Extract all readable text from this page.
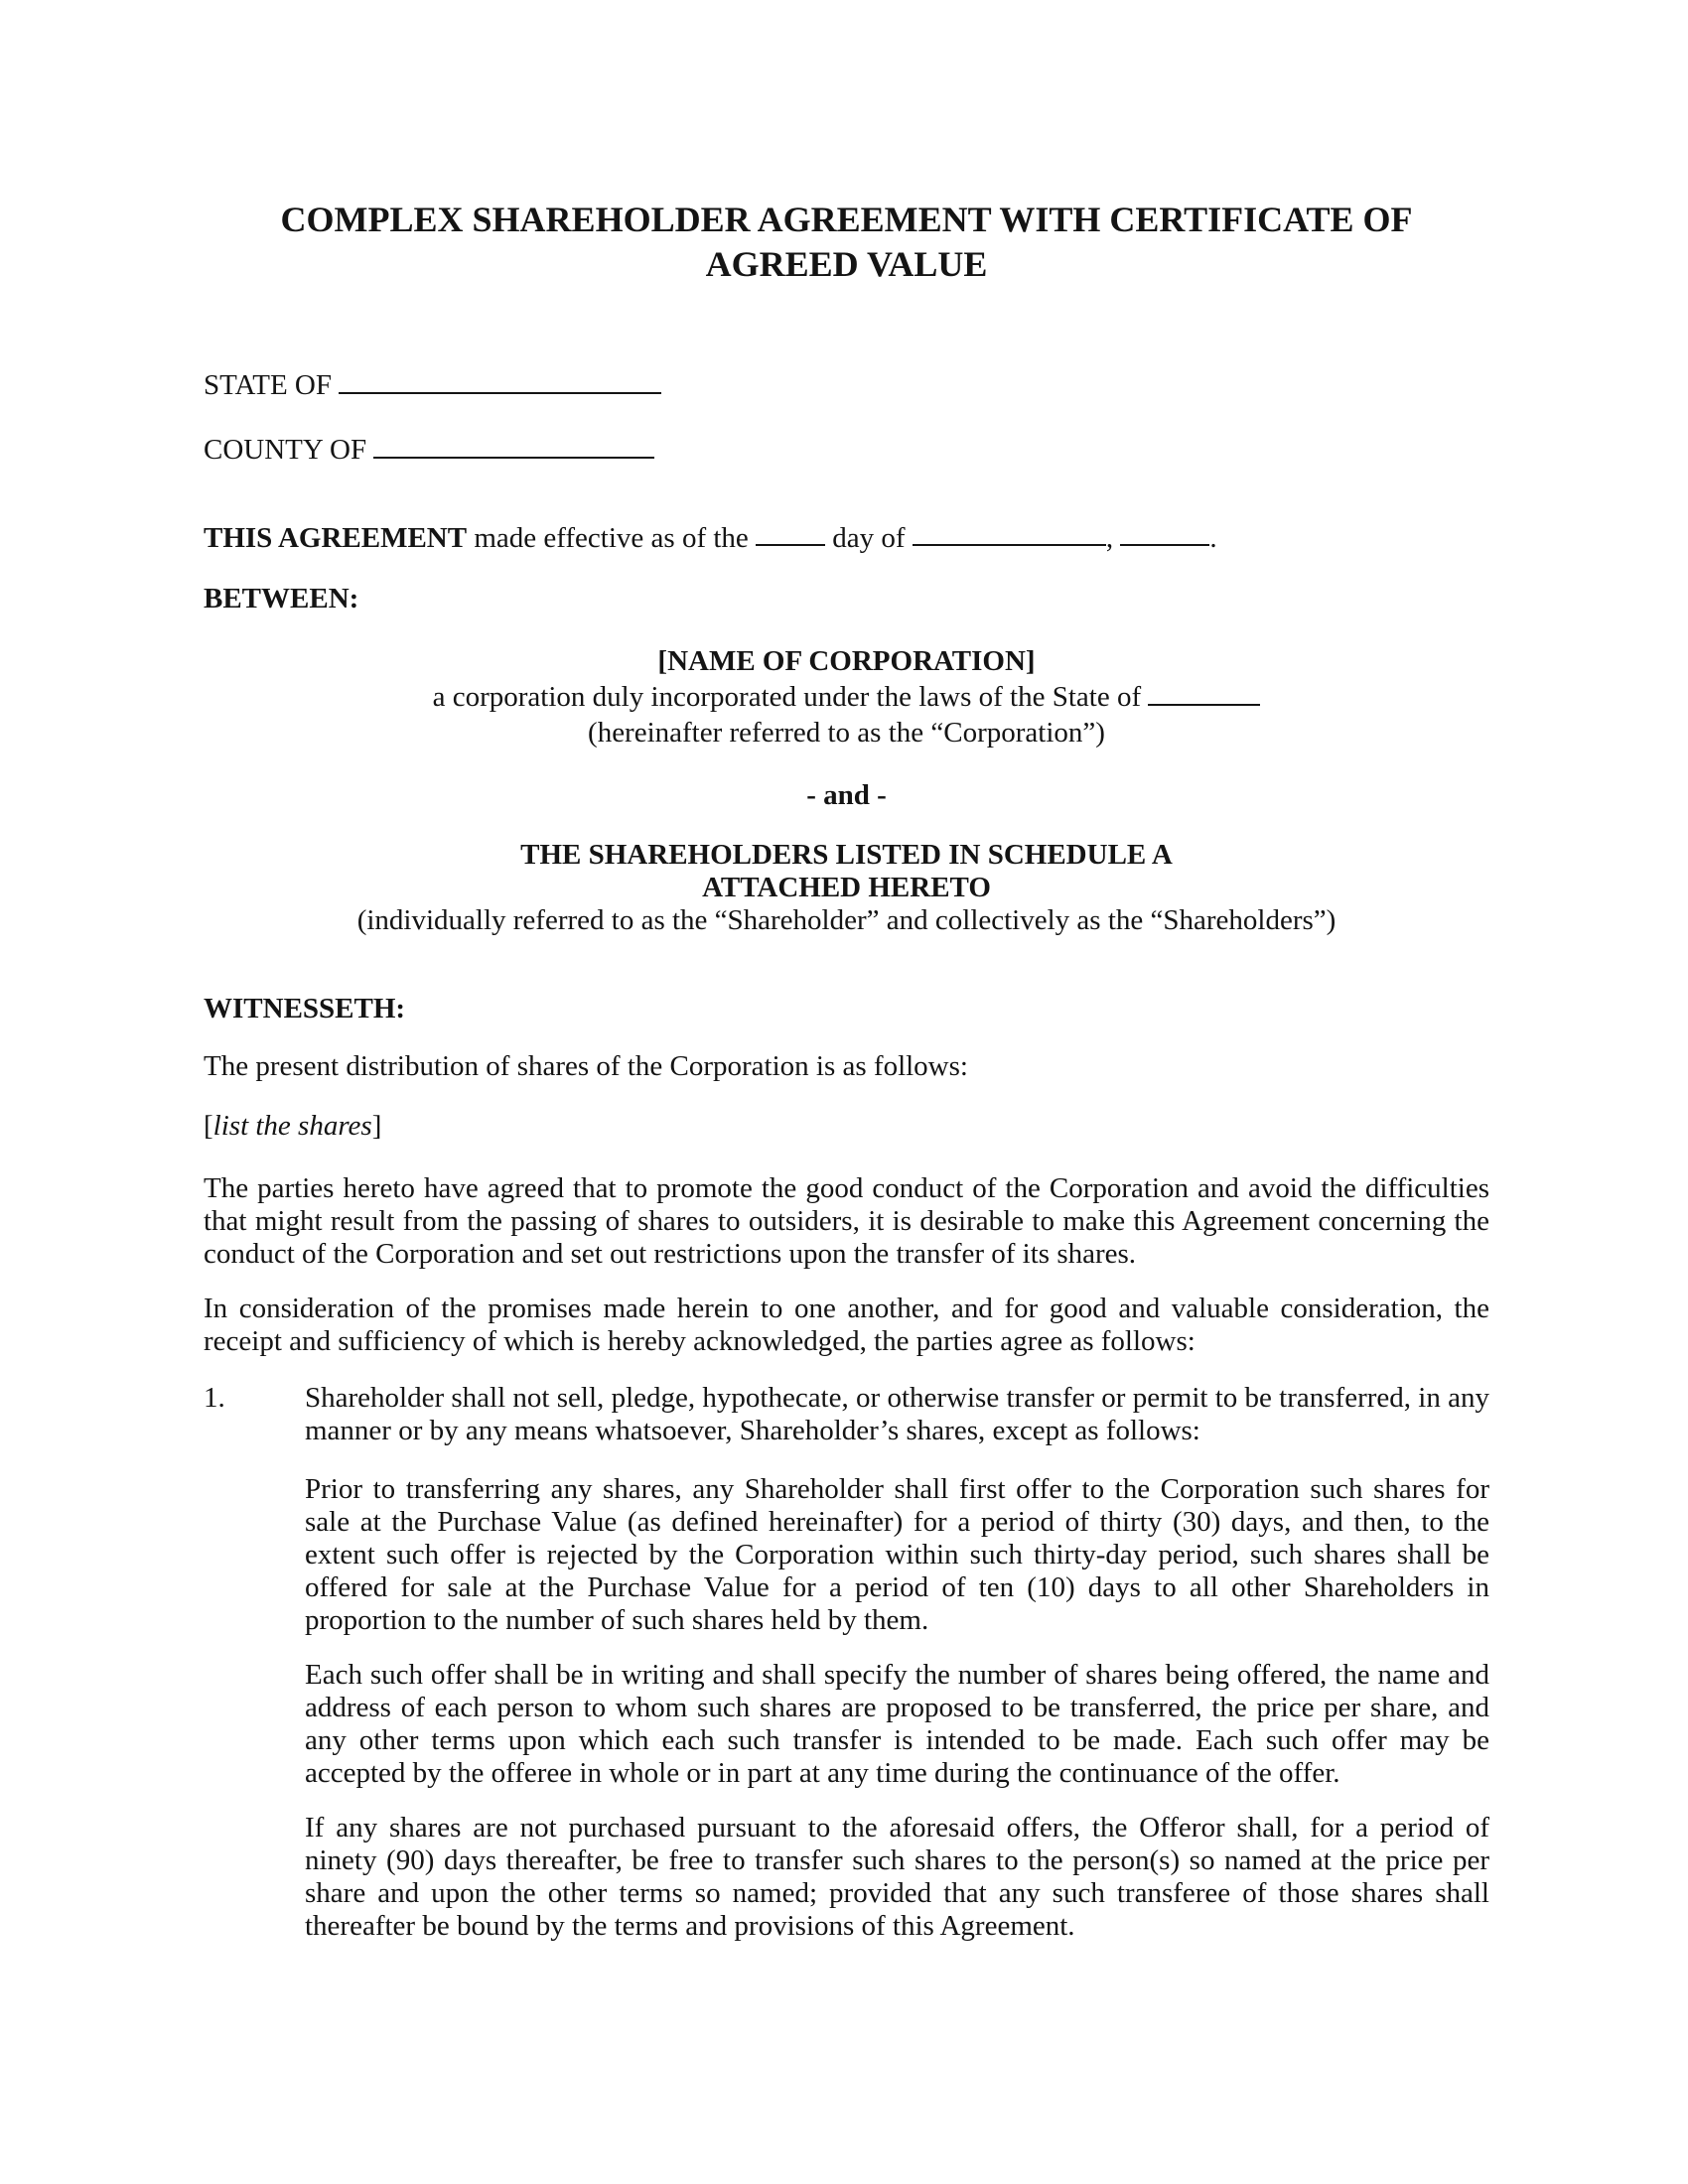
COMPLEX SHAREHOLDER AGREEMENT WITH CERTIFICATE OF
AGREED VALUE

STATE OF

COUNTY OF

THIS AGREEMENT made effective as of the	day of	,	.

BETWEEN:

[NAME OF CORPORATION]
a corporation duly incorporated under the laws of the State of
(hereinafter referred to as the “Corporation”)

- and -

THE SHAREHOLDERS LISTED IN SCHEDULE A
ATTACHED HERETO
(individually referred to as the “Shareholder” and collectively as the “Shareholders”)

WITNESSETH:

The present distribution of shares of the Corporation is as follows:

[list the shares]

The parties hereto have agreed that to promote the good conduct of the Corporation and avoid the difficulties that might result from the passing of shares to outsiders, it is desirable to make this Agreement concerning the conduct of the Corporation and set out restrictions upon the transfer of its shares.

In consideration of the promises made herein to one another, and for good and valuable consideration, the receipt and sufficiency of which is hereby acknowledged, the parties agree as follows:

1.	Shareholder shall not sell, pledge, hypothecate, or otherwise transfer or permit to be transferred, in any manner or by any means whatsoever, Shareholder’s shares, except as follows:

Prior to transferring any shares, any Shareholder shall first offer to the Corporation such shares for sale at the Purchase Value (as defined hereinafter) for a period of thirty (30) days, and then, to the extent such offer is rejected by the Corporation within such thirty-day period, such shares shall be offered for sale at the Purchase Value for a period of ten (10) days to all other Shareholders in proportion to the number of such shares held by them.

Each such offer shall be in writing and shall specify the number of shares being offered, the name and address of each person to whom such shares are proposed to be transferred, the price per share, and any other terms upon which each such transfer is intended to be made. Each such offer may be accepted by the offeree in whole or in part at any time during the continuance of the offer.

If any shares are not purchased pursuant to the aforesaid offers, the Offeror shall, for a period of ninety (90) days thereafter, be free to transfer such shares to the person(s) so named at the price per share and upon the other terms so named; provided that any such transferee of those shares shall thereafter be bound by the terms and provisions of this Agreement.
